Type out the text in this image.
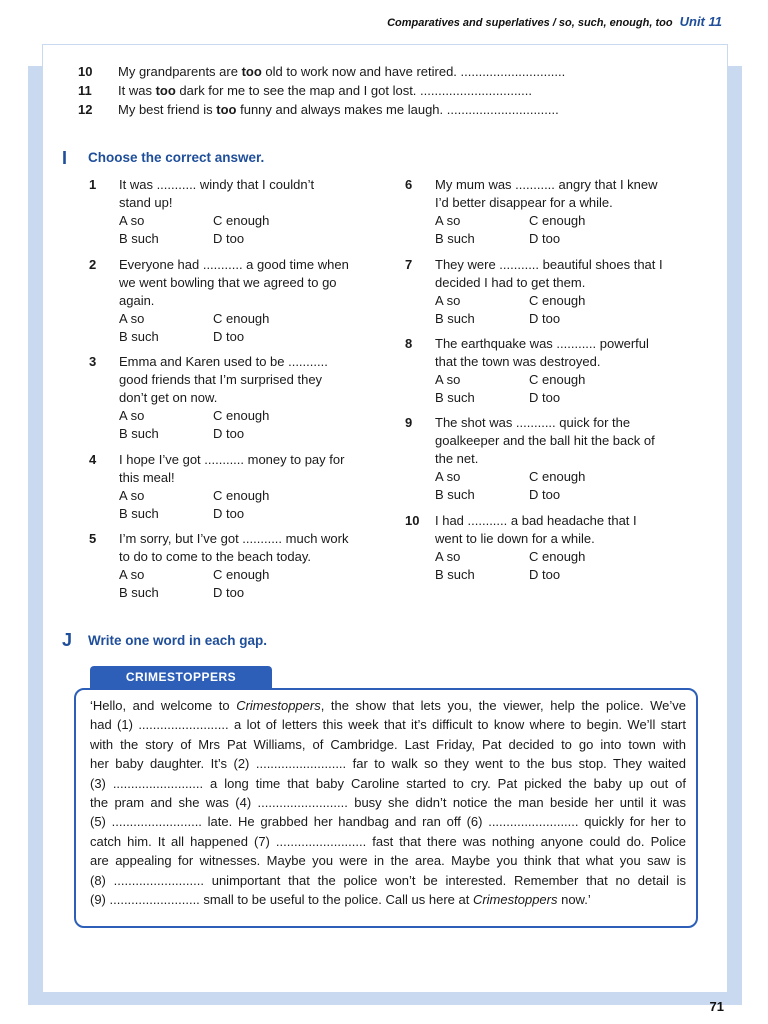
Comparatives and superlatives / so, such, enough, too Unit 11
10 My grandparents are too old to work now and have retired. .............................
11 It was too dark for me to see the map and I got lost. ...............................
12 My best friend is too funny and always makes me laugh. ...............................
I Choose the correct answer.
1 It was ........... windy that I couldn’t
stand up!
A so	C enough
B such	D too
2 Everyone had ........... a good time when
we went bowling that we agreed to go
again.
A so	C enough
B such	D too
3 Emma and Karen used to be ...........
good friends that I’m surprised they
don’t get on now.
A so	C enough
B such	D too
4 I hope I’ve got ........... money to pay for
this meal!
A so	C enough
B such	D too
5 I’m sorry, but I’ve got ........... much work
to do to come to the beach today.
A so	C enough
B such	D too
6 My mum was ........... angry that I knew
I’d better disappear for a while.
A so	C enough
B such	D too
7 They were ........... beautiful shoes that I
decided I had to get them.
A so	C enough
B such	D too
8 The earthquake was ........... powerful
that the town was destroyed.
A so	C enough
B such	D too
9 The shot was ........... quick for the
goalkeeper and the ball hit the back of
the net.
A so	C enough
B such	D too
10 I had ........... a bad headache that I
went to lie down for a while.
A so	C enough
B such	D too
J Write one word in each gap.
CRIMESTOPPERS
‘Hello, and welcome to Crimestoppers, the show that lets you, the viewer, help the police. We’ve
had (1) ......................... a lot of letters this week that it’s difficult to know where to begin. We’ll start
with the story of Mrs Pat Williams, of Cambridge. Last Friday, Pat decided to go into town with
her baby daughter. It’s (2) ......................... far to walk so they went to the bus stop. They waited
(3) ......................... a long time that baby Caroline started to cry. Pat picked the baby up out of
the pram and she was (4) ......................... busy she didn’t notice the man beside her until it was
(5) ......................... late. He grabbed her handbag and ran off (6) ......................... quickly for her to
catch him. It all happened (7) ......................... fast that there was nothing anyone could do. Police
are appealing for witnesses. Maybe you were in the area. Maybe you think that what you saw is
(8) ......................... unimportant that the police won’t be interested. Remember that no detail is
(9) ......................... small to be useful to the police. Call us here at Crimestoppers now.’
71
